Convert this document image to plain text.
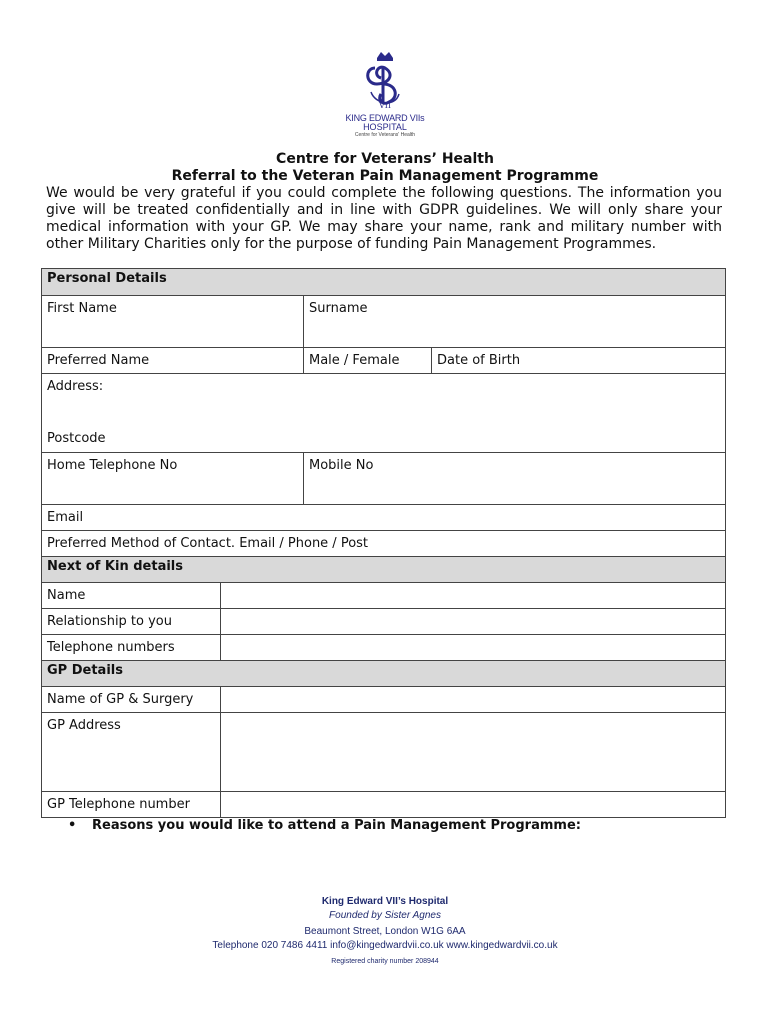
VII
KING EDWARD VIIs
HOSPITAL
Centre for Veterans' Health
Centre for Veterans’ Health
Referral to the Veteran Pain Management Programme
We would be very grateful if you could complete the following questions. The information you give will be treated confidentially and in line with GDPR guidelines. We will only share your medical information with your GP. We may share your name, rank and military number with other Military Charities only for the purpose of funding Pain Management Programmes.
Personal Details			
First Name		Surname	
Preferred Name		Male / Female	Date of Birth

Address:
Postcode			

Home Telephone No		Mobile No	
Email			
Preferred Method of Contact. Email / Phone / Post			
Next of Kin details			
Name			
Relationship to you			
Telephone numbers			
GP Details			
Name of GP & Surgery			
GP Address			
GP Telephone number			
• Reasons you would like to attend a Pain Management Programme:
King Edward VII’s Hospital
Founded by Sister Agnes
Beaumont Street, London W1G 6AA
Telephone 020 7486 4411 info@kingedwardvii.co.uk www.kingedwardvii.co.uk
Registered charity number 208944
